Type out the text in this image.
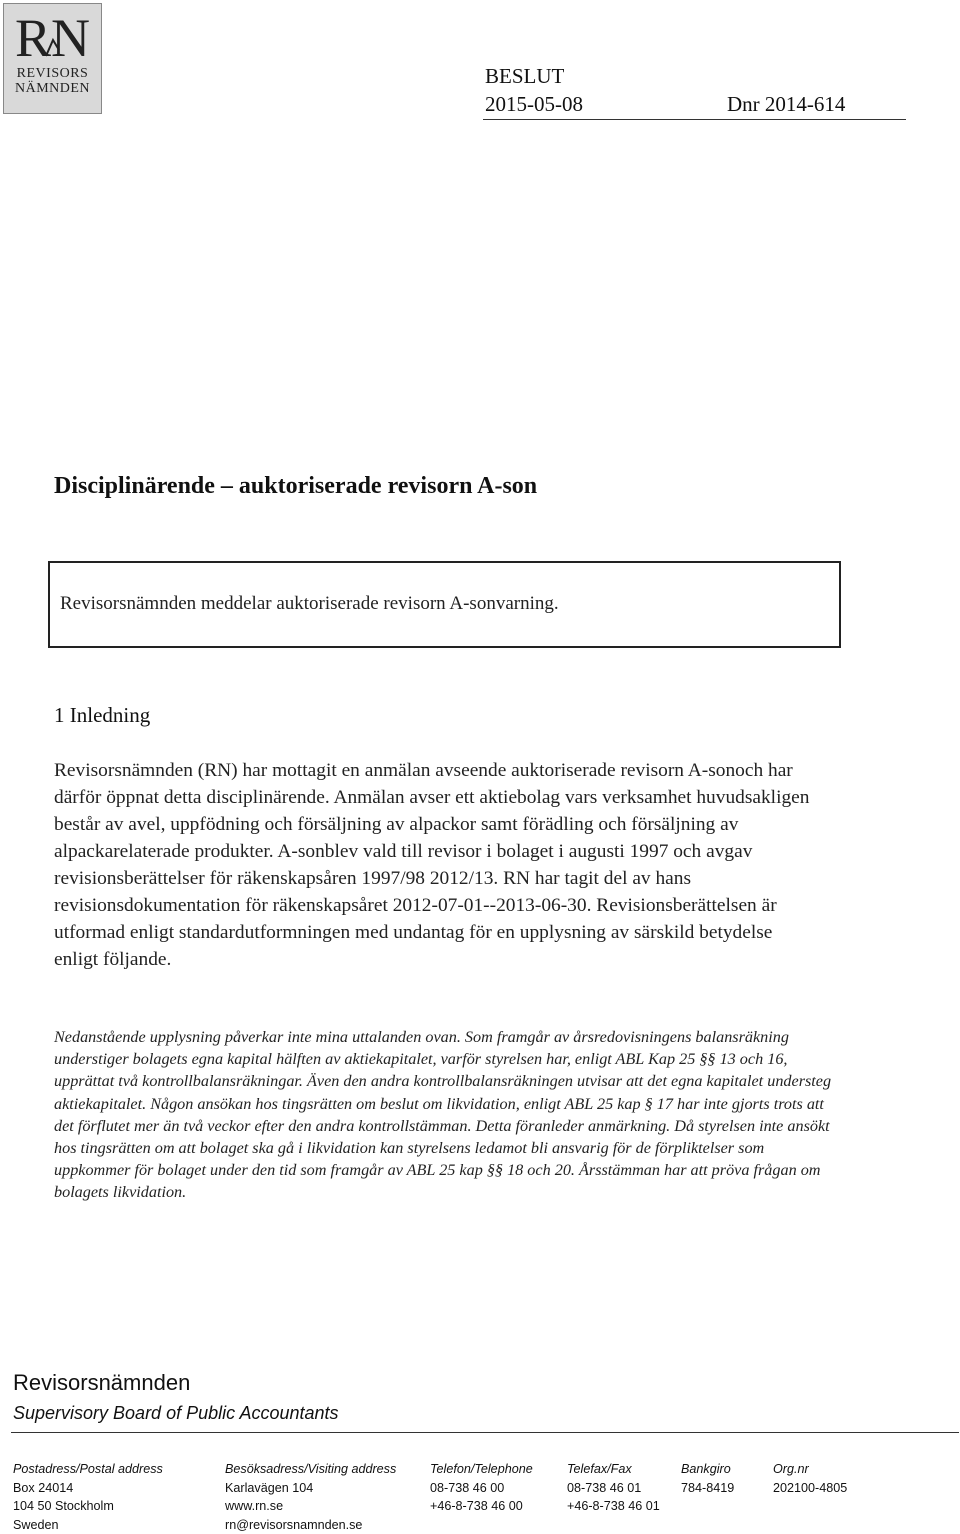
RN
REVISORS
NÄMNDEN
BESLUT
2015-05-08	Dnr 2014-614
Disciplinärende – auktoriserade revisorn A-son
Revisorsnämnden meddelar auktoriserade revisorn A-sonvarning.
1 Inledning

Revisorsnämnden (RN) har mottagit en anmälan avseende auktoriserade revisorn A-sonoch har därför öppnat detta disciplinärende. Anmälan avser ett aktiebolag vars verksamhet huvudsakligen består av avel, uppfödning och försäljning av alpackor samt förädling och försäljning av alpackarelaterade produkter. A-sonblev vald till revisor i bolaget i augusti 1997 och avgav revisionsberättelser för räkenskapsåren 1997/98 2012/13. RN har tagit del av hans revisionsdokumentation för räkenskapsåret 2012-07-01--2013-06-30. Revisionsberättelsen är utformad enligt standardutformningen med undantag för en upplysning av särskild betydelse enligt följande.

Nedanstående upplysning påverkar inte mina uttalanden ovan. Som framgår av årsredovisningens balansräkning understiger bolagets egna kapital hälften av aktiekapitalet, varför styrelsen har, enligt ABL Kap 25 §§ 13 och 16, upprättat två kontrollbalansräkningar. Även den andra kontrollbalansräkningen utvisar att det egna kapitalet understeg aktiekapitalet. Någon ansökan hos tingsrätten om beslut om likvidation, enligt ABL 25 kap § 17 har inte gjorts trots att det förflutet mer än två veckor efter den andra kontrollstämman. Detta föranleder anmärkning. Då styrelsen inte ansökt hos tingsrätten om att bolaget ska gå i likvidation kan styrelsens ledamot bli ansvarig för de förpliktelser som uppkommer för bolaget under den tid som framgår av ABL 25 kap §§ 18 och 20. Årsstämman har att pröva frågan om bolagets likvidation.

Revisorsnämnden
Supervisory Board of Public Accountants
Postadress/Postal address
Box 24014
104 50 Stockholm
Sweden
Besöksadress/Visiting address
Karlavägen 104
www.rn.se
rn@revisorsnamnden.se
Telefon/Telephone
08-738 46 00
+46-8-738 46 00
Telefax/Fax
08-738 46 01
+46-8-738 46 01
Bankgiro
784-8419
Org.nr
202100-4805
